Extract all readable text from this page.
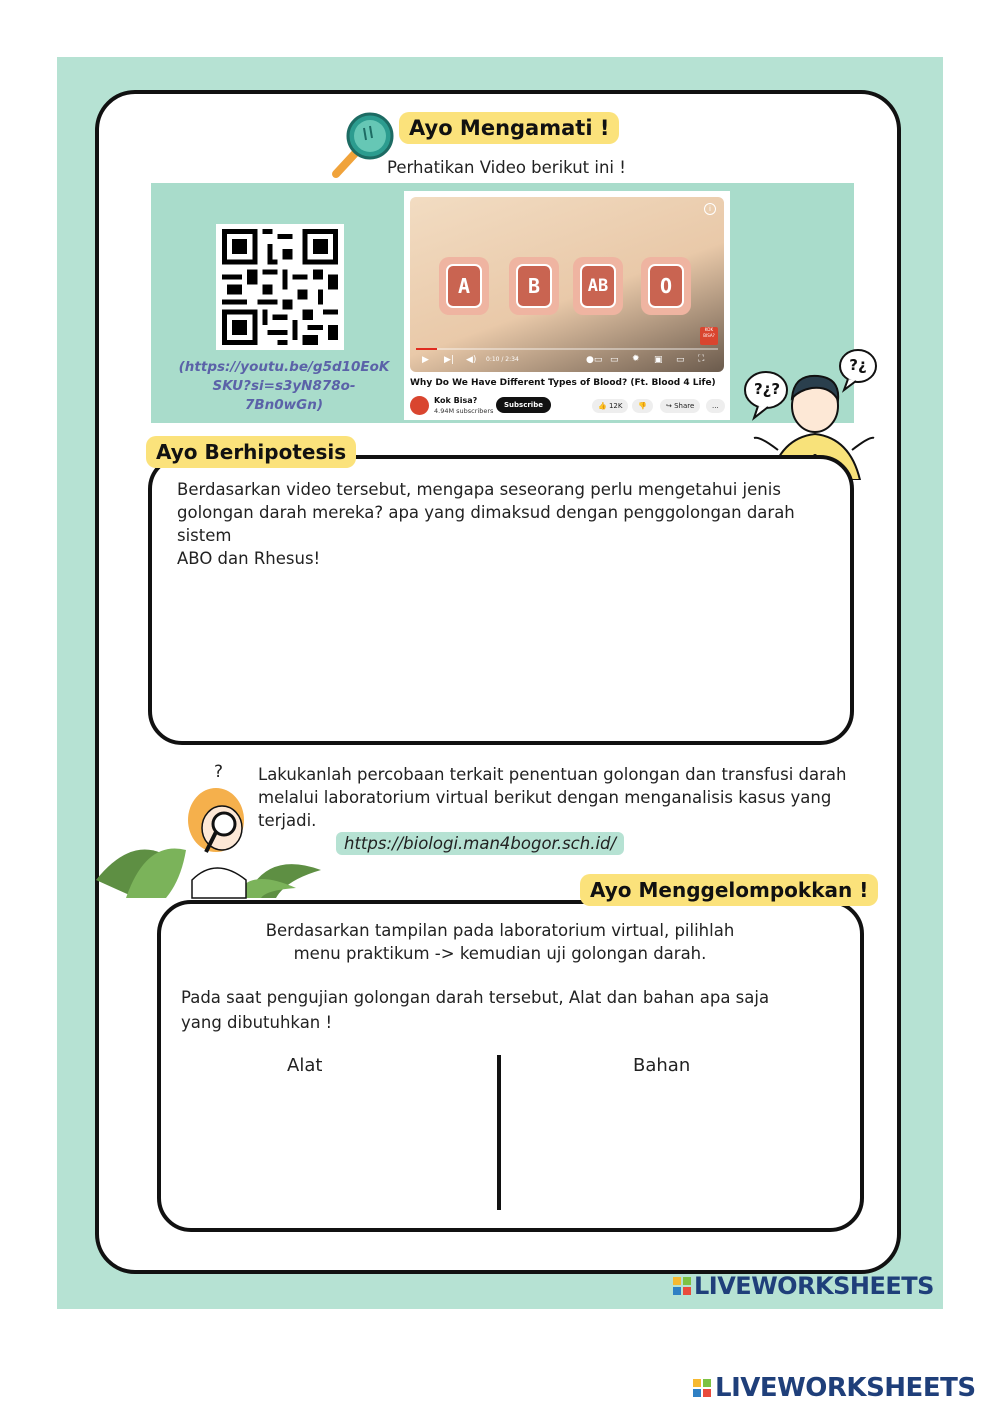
Ayo Mengamati !
Perhatikan Video berikut ini !
(https://youtu.be/g5d10EoK
SKU?si=s3yN878o-7Bn0wGn)
A	B	AB	O
KOK BISA?
i
▶ ▶| ◀) 0:10 / 2:34	●▭ ▭ ✹ ▣ ▭ ⛶
Why Do We Have Different Types of Blood? (Ft. Blood 4 Life)
Kok Bisa?
4.94M subscribers
Subscribe	👍 12K	👎	↪ Share	...
?¿?
?¿
Ayo Berhipotesis
Berdasarkan video tersebut, mengapa seseorang perlu mengetahui jenis
golongan darah mereka? apa yang dimaksud dengan penggolongan darah sistem
ABO dan Rhesus!
? Lakukanlah percobaan terkait penentuan golongan dan transfusi darah
melalui laboratorium virtual berikut dengan menganalisis kasus yang
terjadi.
https://biologi.man4bogor.sch.id/
Ayo Menggelompokkan !
Berdasarkan tampilan pada laboratorium virtual, pilihlah
menu praktikum -> kemudian uji golongan darah.
Pada saat pengujian golongan darah tersebut, Alat dan bahan apa saja
yang dibutuhkan !
Alat	Bahan
LIVEWORKSHEETS
LIVEWORKSHEETS
